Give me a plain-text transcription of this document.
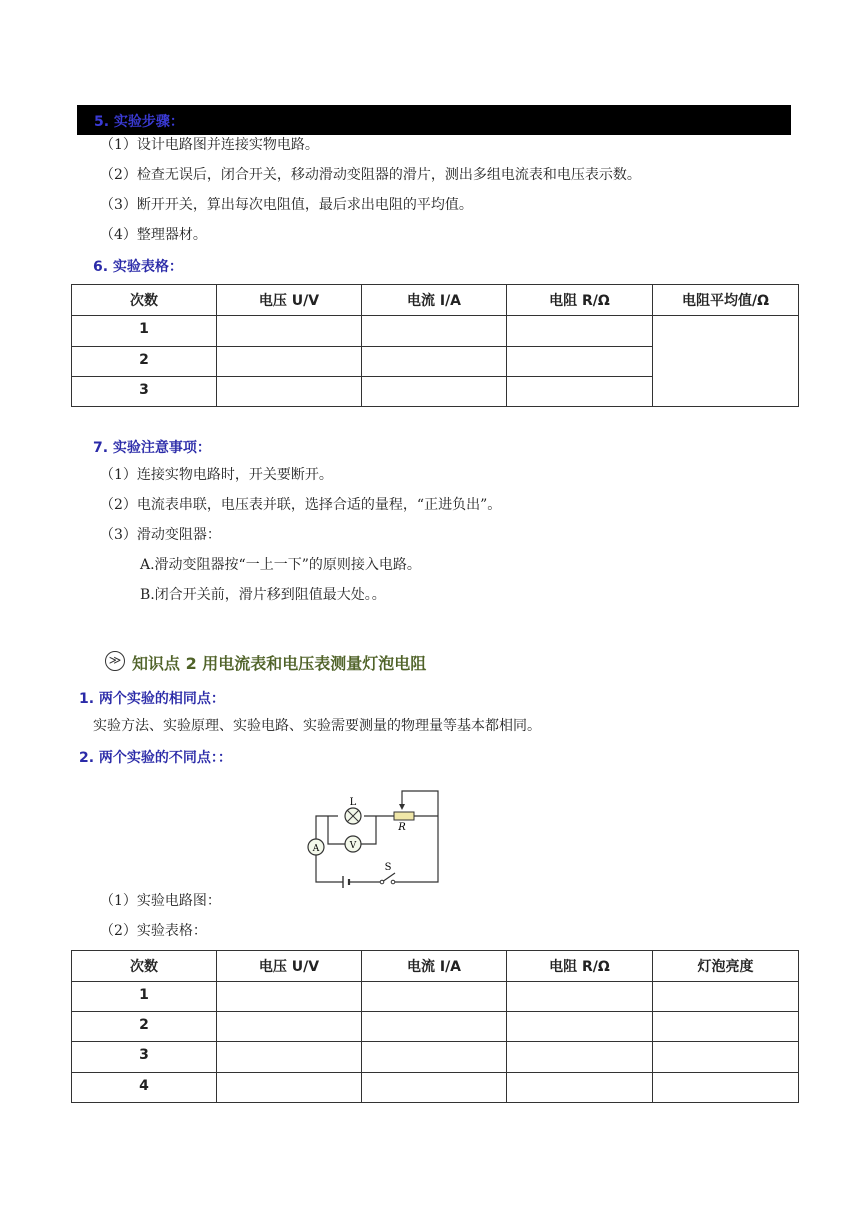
5. 实验步骤：
（1）设计电路图并连接实物电路。
（2）检查无误后，闭合开关，移动滑动变阻器的滑片，测出多组电流表和电压表示数。
（3）断开开关，算出每次电阻值，最后求出电阻的平均值。
（4）整理器材。
6. 实验表格：
次数	电压 U/V	电流 I/A	电阻 R/Ω	电阻平均值/Ω
1				
2				
3				
7. 实验注意事项：
（1）连接实物电路时，开关要断开。
（2）电流表串联，电压表并联，选择合适的量程，“正进负出”。
（3）滑动变阻器：
A.滑动变阻器按“一上一下”的原则接入电路。
B.闭合开关前，滑片移到阻值最大处。。
≫ 知识点 2 用电流表和电压表测量灯泡电阻
1. 两个实验的相同点：
实验方法、实验原理、实验电路、实验需要测量的物理量等基本都相同。
2. 两个实验的不同点：：
L
V
A
R
S
（1）实验电路图：
（2）实验表格：
次数	电压 U/V	电流 I/A	电阻 R/Ω	灯泡亮度
1				
2				
3				
4				
